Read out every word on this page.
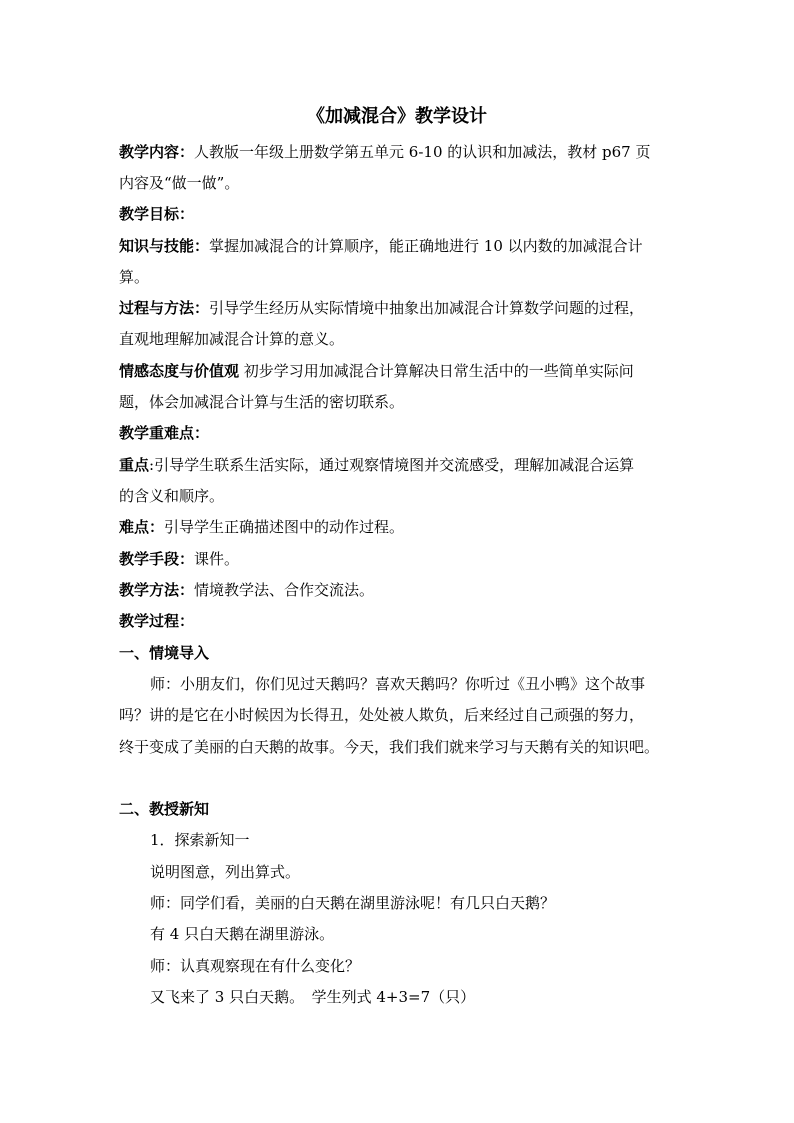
《加减混合》教学设计
教学内容：人教版一年级上册数学第五单元 6-10 的认识和加减法，教材 p67 页
内容及“做一做”。
教学目标：
知识与技能：掌握加减混合的计算顺序，能正确地进行 10 以内数的加减混合计
算。
过程与方法：引导学生经历从实际情境中抽象出加减混合计算数学问题的过程，
直观地理解加减混合计算的意义。
情感态度与价值观 初步学习用加减混合计算解决日常生活中的一些简单实际问
题，体会加减混合计算与生活的密切联系。
教学重难点：
重点:引导学生联系生活实际，通过观察情境图并交流感受，理解加减混合运算
的含义和顺序。
难点：引导学生正确描述图中的动作过程。
教学手段：课件。
教学方法：情境教学法、合作交流法。
教学过程：
一、情境导入
师：小朋友们，你们见过天鹅吗？喜欢天鹅吗？你听过《丑小鸭》这个故事
吗？讲的是它在小时候因为长得丑，处处被人欺负，后来经过自己顽强的努力，
终于变成了美丽的白天鹅的故事。今天，我们我们就来学习与天鹅有关的知识吧。
二、教授新知
1．探索新知一
说明图意，列出算式。
师：同学们看，美丽的白天鹅在湖里游泳呢！有几只白天鹅？
有 4 只白天鹅在湖里游泳。
师：认真观察现在有什么变化？
又飞来了 3 只白天鹅。　学生列式 4+3=7（只）
